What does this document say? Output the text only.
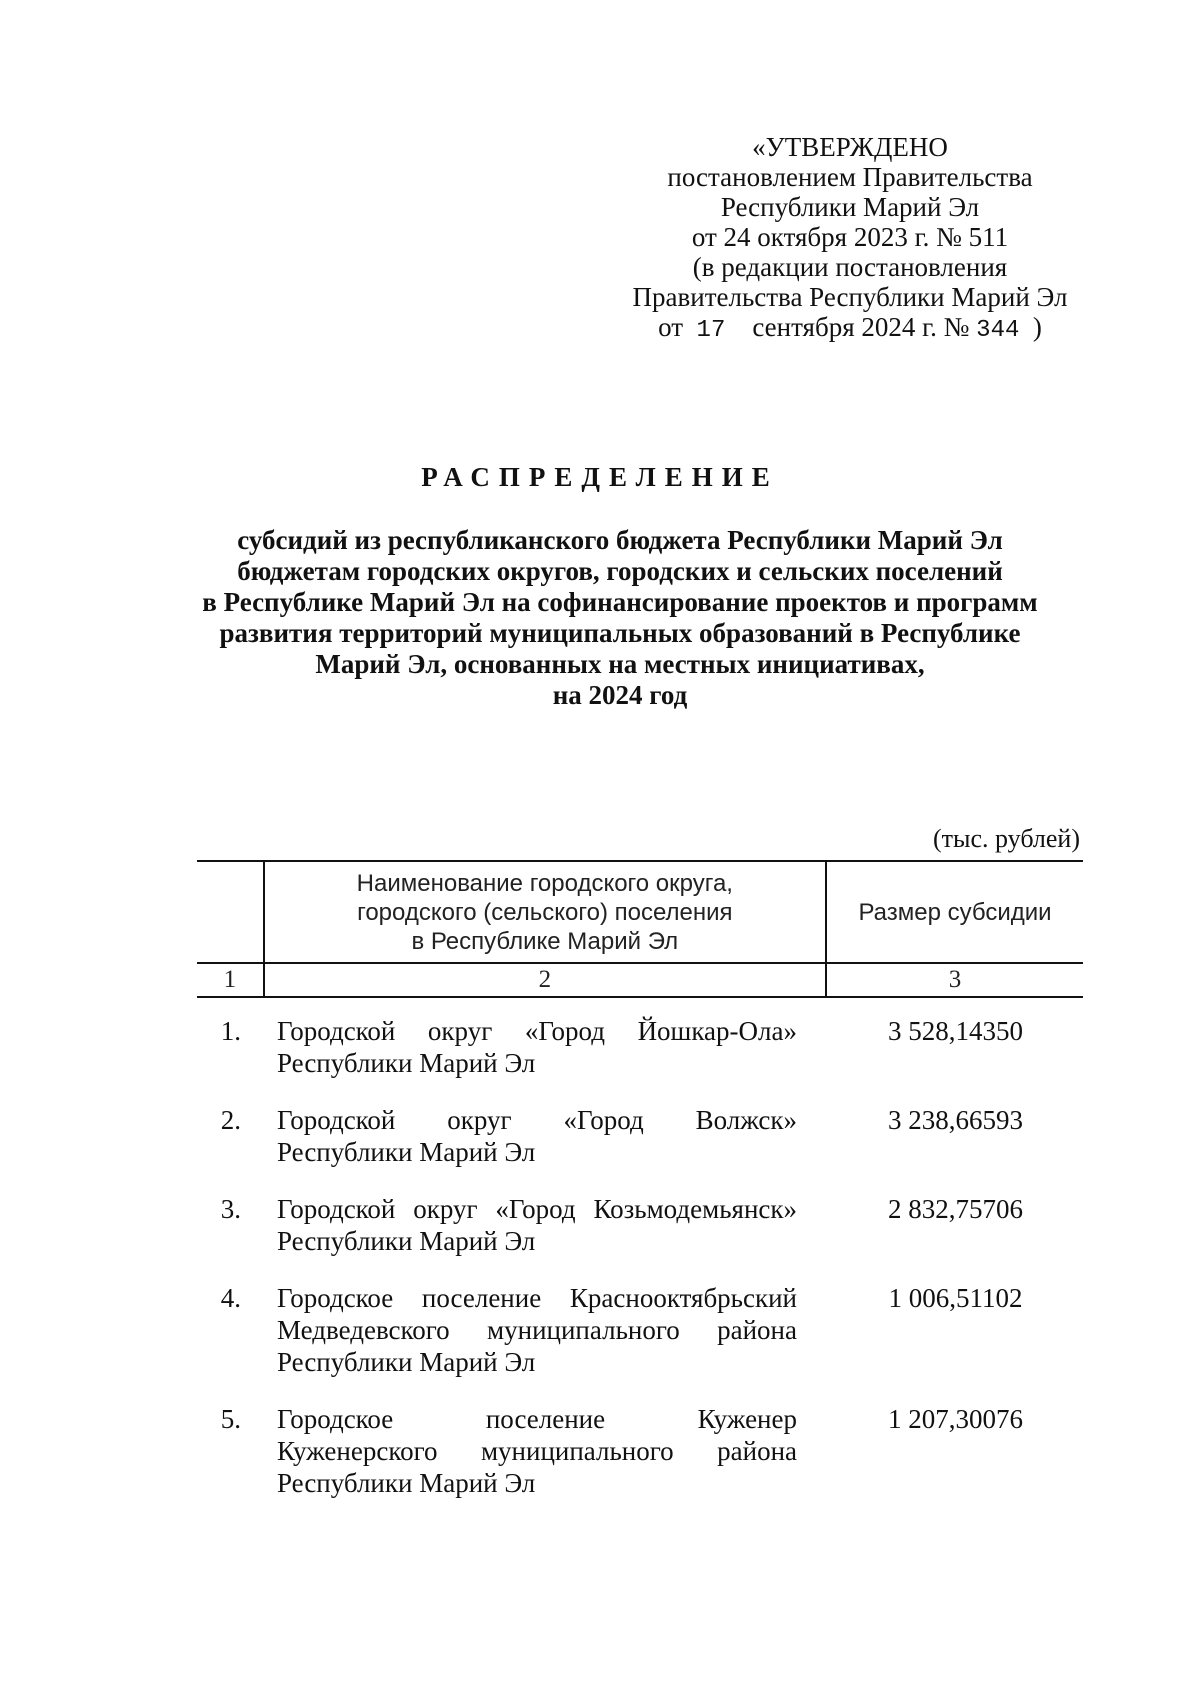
«УТВЕРЖДЕНО
постановлением Правительства
Республики Марий Эл
от 24 октября 2023 г. № 511
(в редакции постановления
Правительства Республики Марий Эл
от 17 сентября 2024 г. № 344 )
РАСПРЕДЕЛЕНИЕ
субсидий из республиканского бюджета Республики Марий Эл
бюджетам городских округов, городских и сельских поселений
в Республике Марий Эл на софинансирование проектов и программ
развития территорий муниципальных образований в Республике
Марий Эл, основанных на местных инициативах,
на 2024 год
(тыс. рублей)

	Наименование городского округа,
городского (сельского) поселения
в Республике Марий Эл	Размер субсидии
1	2	3
1. Городской округ «Город Йошкар-Ола»
Республики Марий Эл
3 528,14350
2. Городской округ «Город Волжск»
Республики Марий Эл
3 238,66593
3. Городской округ «Город Козьмодемьянск»
Республики Марий Эл
2 832,75706
4. Городское поселение Краснооктябрьский
Медведевского муниципального района
Республики Марий Эл
1 006,51102
5. Городское поселение Куженер
Куженерского муниципального района
Республики Марий Эл
1 207,30076
